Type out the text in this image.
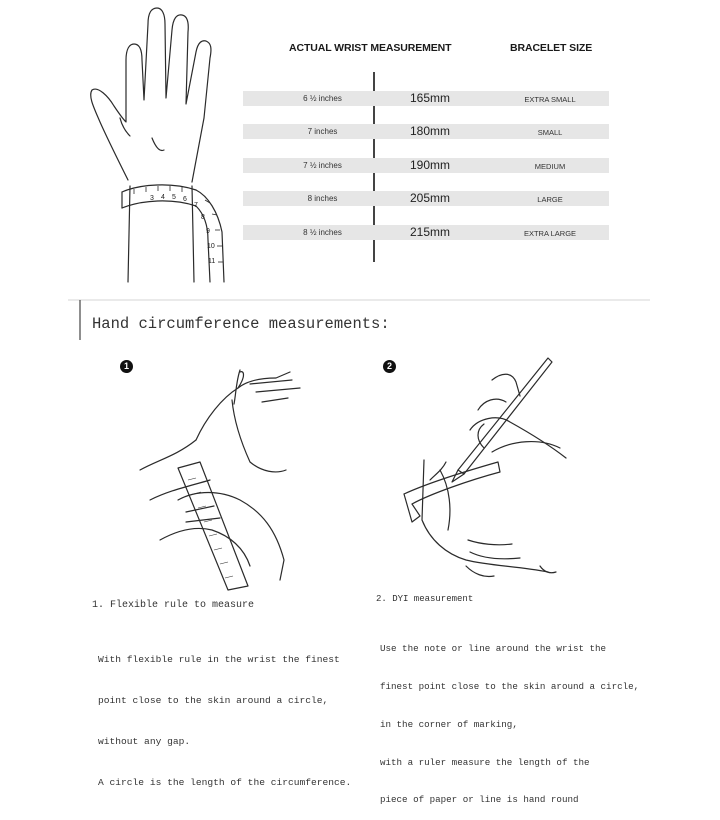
3 4 5 6
7
8
9
10
11
ACTUAL WRIST MEASUREMENT	BRACELET SIZE
6 ½ inches	165mm	EXTRA SMALL
7 inches	180mm	SMALL
7 ½ inches	190mm	MEDIUM
8 inches	205mm	LARGE
8 ½ inches	215mm	EXTRA LARGE
Hand circumference measurements:
1
1. Flexible rule to measure

With flexible rule in the wrist the finest

point close to the skin around a circle,

without any gap.

A circle is the length of the circumference.

2
2. DYI measurement

Use the note or line around the wrist the

finest point close to the skin around a circle,

in the corner of marking,

with a ruler measure the length of the

piece of paper or line is hand round
